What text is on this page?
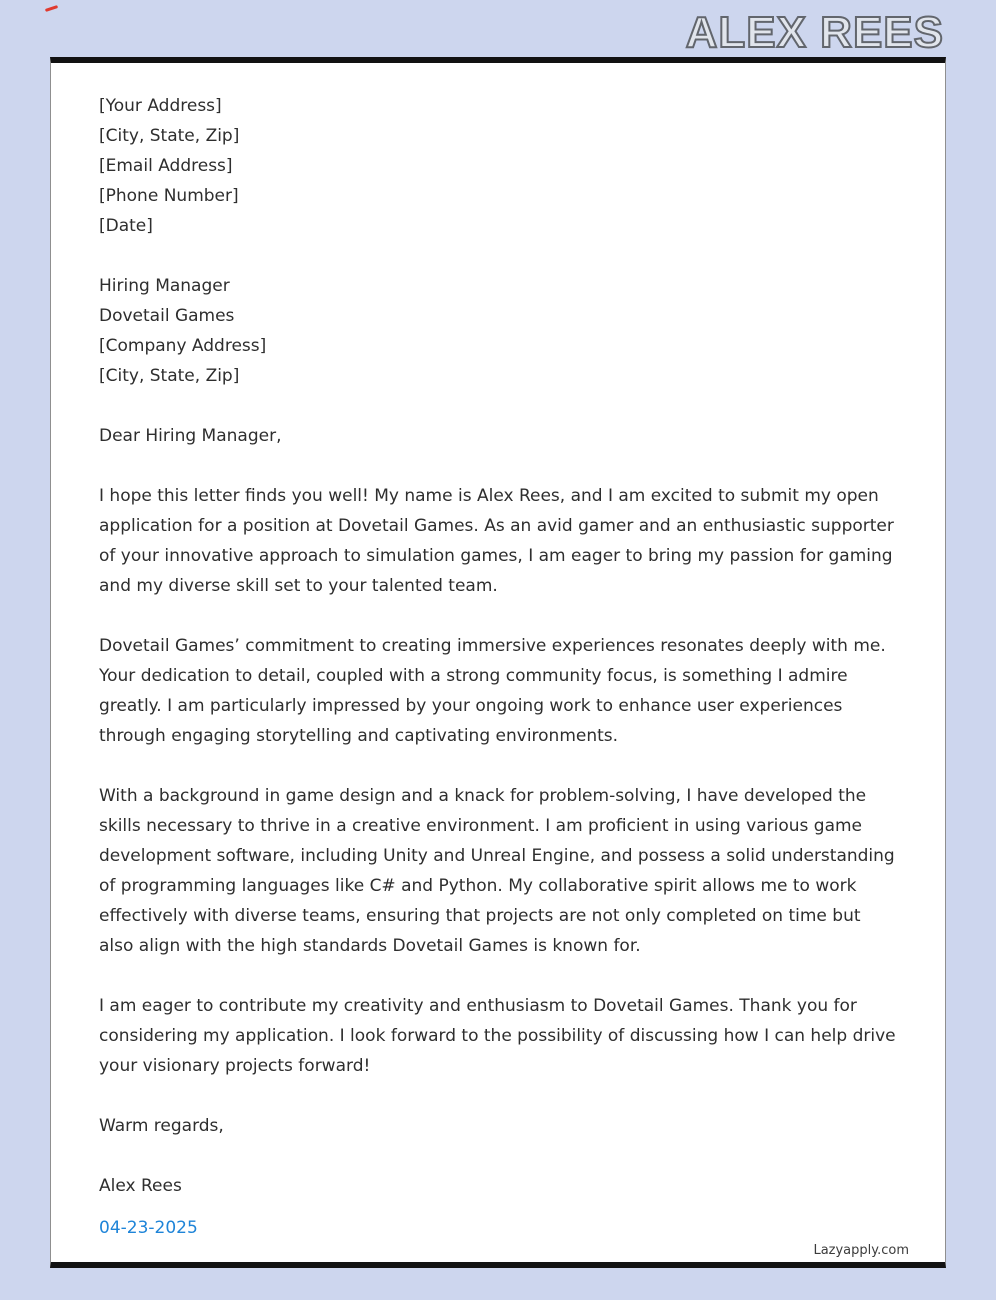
ALEX REES
[Your Address]
[City, State, Zip]
[Email Address]
[Phone Number]
[Date]
Hiring Manager
Dovetail Games
[Company Address]
[City, State, Zip]
Dear Hiring Manager,

I hope this letter finds you well! My name is Alex Rees, and I am excited to submit my open application for a position at Dovetail Games. As an avid gamer and an enthusiastic supporter of your innovative approach to simulation games, I am eager to bring my passion for gaming and my diverse skill set to your talented team.

Dovetail Games’ commitment to creating immersive experiences resonates deeply with me. Your dedication to detail, coupled with a strong community focus, is something I admire greatly. I am particularly impressed by your ongoing work to enhance user experiences through engaging storytelling and captivating environments.

With a background in game design and a knack for problem-solving, I have developed the skills necessary to thrive in a creative environment. I am proficient in using various game development software, including Unity and Unreal Engine, and possess a solid understanding of programming languages like C# and Python. My collaborative spirit allows me to work effectively with diverse teams, ensuring that projects are not only completed on time but also align with the high standards Dovetail Games is known for.

I am eager to contribute my creativity and enthusiasm to Dovetail Games. Thank you for considering my application. I look forward to the possibility of discussing how I can help drive your visionary projects forward!

Warm regards,
Alex Rees
04-23-2025
Lazyapply.com
